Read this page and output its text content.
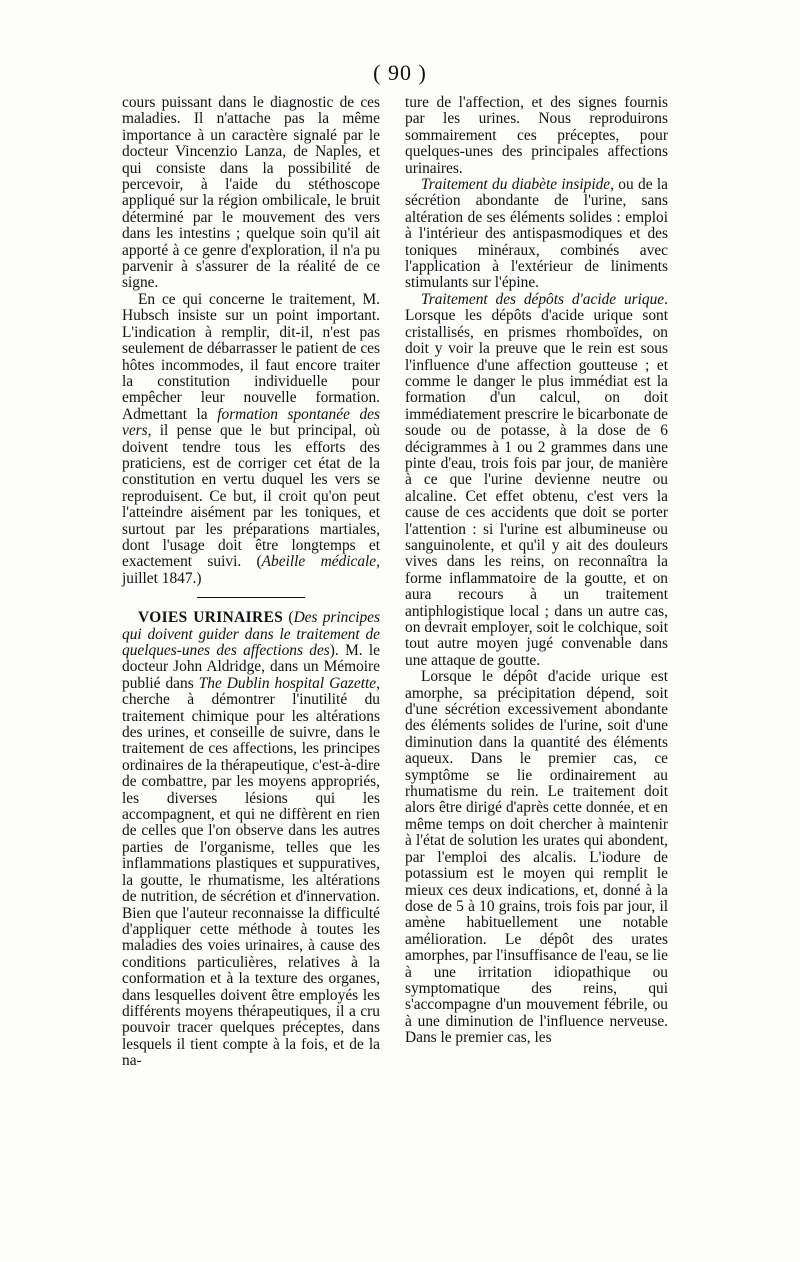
( 90 )

cours puissant dans le diagnostic de ces maladies. Il n'attache pas la même importance à un caractère signalé par le docteur Vincenzio Lanza, de Naples, et qui consiste dans la possibilité de percevoir, à l'aide du stéthoscope appliqué sur la région ombilicale, le bruit déterminé par le mouvement des vers dans les intestins ; quelque soin qu'il ait apporté à ce genre d'exploration, il n'a pu parvenir à s'assurer de la réalité de ce signe.

En ce qui concerne le traitement, M. Hubsch insiste sur un point important. L'indication à remplir, dit-il, n'est pas seulement de débarrasser le patient de ces hôtes incommodes, il faut encore traiter la constitution individuelle pour empêcher leur nouvelle formation. Admettant la formation spontanée des vers, il pense que le but principal, où doivent tendre tous les efforts des praticiens, est de corriger cet état de la constitution en vertu duquel les vers se reproduisent. Ce but, il croit qu'on peut l'atteindre aisément par les toniques, et surtout par les préparations martiales, dont l'usage doit être longtemps et exactement suivi. (Abeille médicale, juillet 1847.)

VOIES URINAIRES (Des principes qui doivent guider dans le traitement de quelques-unes des affections des). M. le docteur John Aldridge, dans un Mémoire publié dans The Dublin hospital Gazette, cherche à démontrer l'inutilité du traitement chimique pour les altérations des urines, et conseille de suivre, dans le traitement de ces affections, les principes ordinaires de la thérapeutique, c'est-à-dire de combattre, par les moyens appropriés, les diverses lésions qui les accompagnent, et qui ne diffèrent en rien de celles que l'on observe dans les autres parties de l'organisme, telles que les inflammations plastiques et suppuratives, la goutte, le rhumatisme, les altérations de nutrition, de sécrétion et d'innervation. Bien que l'auteur reconnaisse la difficulté d'appliquer cette méthode à toutes les maladies des voies urinaires, à cause des conditions particulières, relatives à la conformation et à la texture des organes, dans lesquelles doivent être employés les différents moyens thérapeutiques, il a cru pouvoir tracer quelques préceptes, dans lesquels il tient compte à la fois, et de la na-

ture de l'affection, et des signes fournis par les urines. Nous reproduirons sommairement ces préceptes, pour quelques-unes des principales affections urinaires.

Traitement du diabète insipide, ou de la sécrétion abondante de l'urine, sans altération de ses éléments solides : emploi à l'intérieur des antispasmodiques et des toniques minéraux, combinés avec l'application à l'extérieur de liniments stimulants sur l'épine.

Traitement des dépôts d'acide urique. Lorsque les dépôts d'acide urique sont cristallisés, en prismes rhomboïdes, on doit y voir la preuve que le rein est sous l'influence d'une affection goutteuse ; et comme le danger le plus immédiat est la formation d'un calcul, on doit immédiatement prescrire le bicarbonate de soude ou de potasse, à la dose de 6 décigrammes à 1 ou 2 grammes dans une pinte d'eau, trois fois par jour, de manière à ce que l'urine devienne neutre ou alcaline. Cet effet obtenu, c'est vers la cause de ces accidents que doit se porter l'attention : si l'urine est albumineuse ou sanguinolente, et qu'il y ait des douleurs vives dans les reins, on reconnaîtra la forme inflammatoire de la goutte, et on aura recours à un traitement antiphlogistique local ; dans un autre cas, on devrait employer, soit le colchique, soit tout autre moyen jugé convenable dans une attaque de goutte.

Lorsque le dépôt d'acide urique est amorphe, sa précipitation dépend, soit d'une sécrétion excessivement abondante des éléments solides de l'urine, soit d'une diminution dans la quantité des éléments aqueux. Dans le premier cas, ce symptôme se lie ordinairement au rhumatisme du rein. Le traitement doit alors être dirigé d'après cette donnée, et en même temps on doit chercher à maintenir à l'état de solution les urates qui abondent, par l'emploi des alcalis. L'iodure de potassium est le moyen qui remplit le mieux ces deux indications, et, donné à la dose de 5 à 10 grains, trois fois par jour, il amène habituellement une notable amélioration. Le dépôt des urates amorphes, par l'insuffisance de l'eau, se lie à une irritation idiopathique ou symptomatique des reins, qui s'accompagne d'un mouvement fébrile, ou à une diminution de l'influence nerveuse. Dans le premier cas, les
